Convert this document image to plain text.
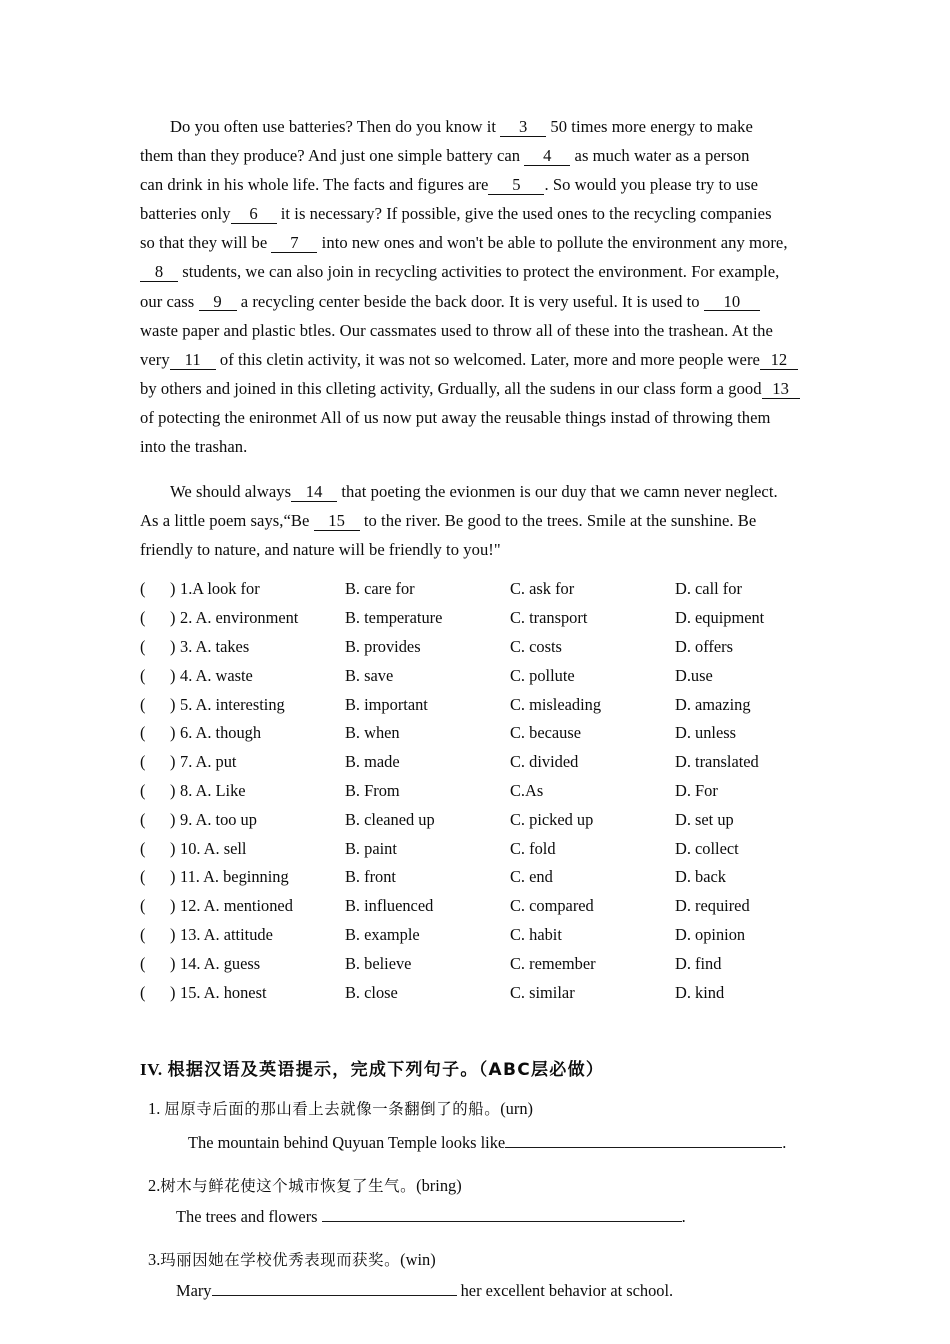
Do you often use batteries? Then do you know it 3 50 times more energy to make

them than they produce? And just one simple battery can 4 as much water as a person

can drink in his whole life. The facts and figures are 5 . So would you please try to use

batteries only 6 it is necessary? If possible, give the used ones to the recycling companies

so that they will be 7 into new ones and won't be able to pollute the environment any more,

8 students, we can also join in recycling activities to protect the environment. For example,

our cass 9 a recycling center beside the back door. It is very useful. It is used to 10

waste paper and plastic btles. Our cassmates used to throw all of these into the trashean. At the

very 11 of this cletin activity, it was not so welcomed. Later, more and more people were 12

by others and joined in this clleting activity, Grdually, all the sudens in our class form a good 13

of potecting the enironmet All of us now put away the reusable things instad of throwing them

into the trashan.

We should always 14 that poeting the evionmen is our duy that we camn never neglect.

As a little poem says,“Be 15 to the river. Be good to the trees. Smile at the sunshine. Be

friendly to nature, and nature will be friendly to you!"

(      ) 1.A look for	B. care for	C. ask for	D. call for
(      ) 2. A. environment	B. temperature	C. transport	D. equipment
(      ) 3. A. takes	B. provides	C. costs	D. offers
(      ) 4. A. waste	B. save	C. pollute	D.use
(      ) 5. A. interesting	B. important	C. misleading	D. amazing
(      ) 6. A. though	B. when	C. because	D. unless
(      ) 7. A. put	B. made	C. divided	D. translated
(      ) 8. A. Like	B. From	C.As	D. For
(      ) 9. A. too up	B. cleaned up	C. picked up	D. set up
(      ) 10. A. sell	B. paint	C. fold	D. collect
(      ) 11. A. beginning	B. front	C. end	D. back
(      ) 12. A. mentioned	B. influenced	C. compared	D. required
(      ) 13. A. attitude	B. example	C. habit	D. opinion
(      ) 14. A. guess	B. believe	C. remember	D. find
(      ) 15. A. honest	B. close	C. similar	D. kind
IV. 根据汉语及英语提示，完成下列句子。（ABC层必做）
1. 屈原寺后面的那山看上去就像一条翻倒了的船。(urn)
The mountain behind Quyuan Temple looks like	.
2.树木与鲜花使这个城市恢复了生气。(bring)
The trees and flowers	.
3.玛丽因她在学校优秀表现而获奖。(win)
Mary	her excellent behavior at school.
